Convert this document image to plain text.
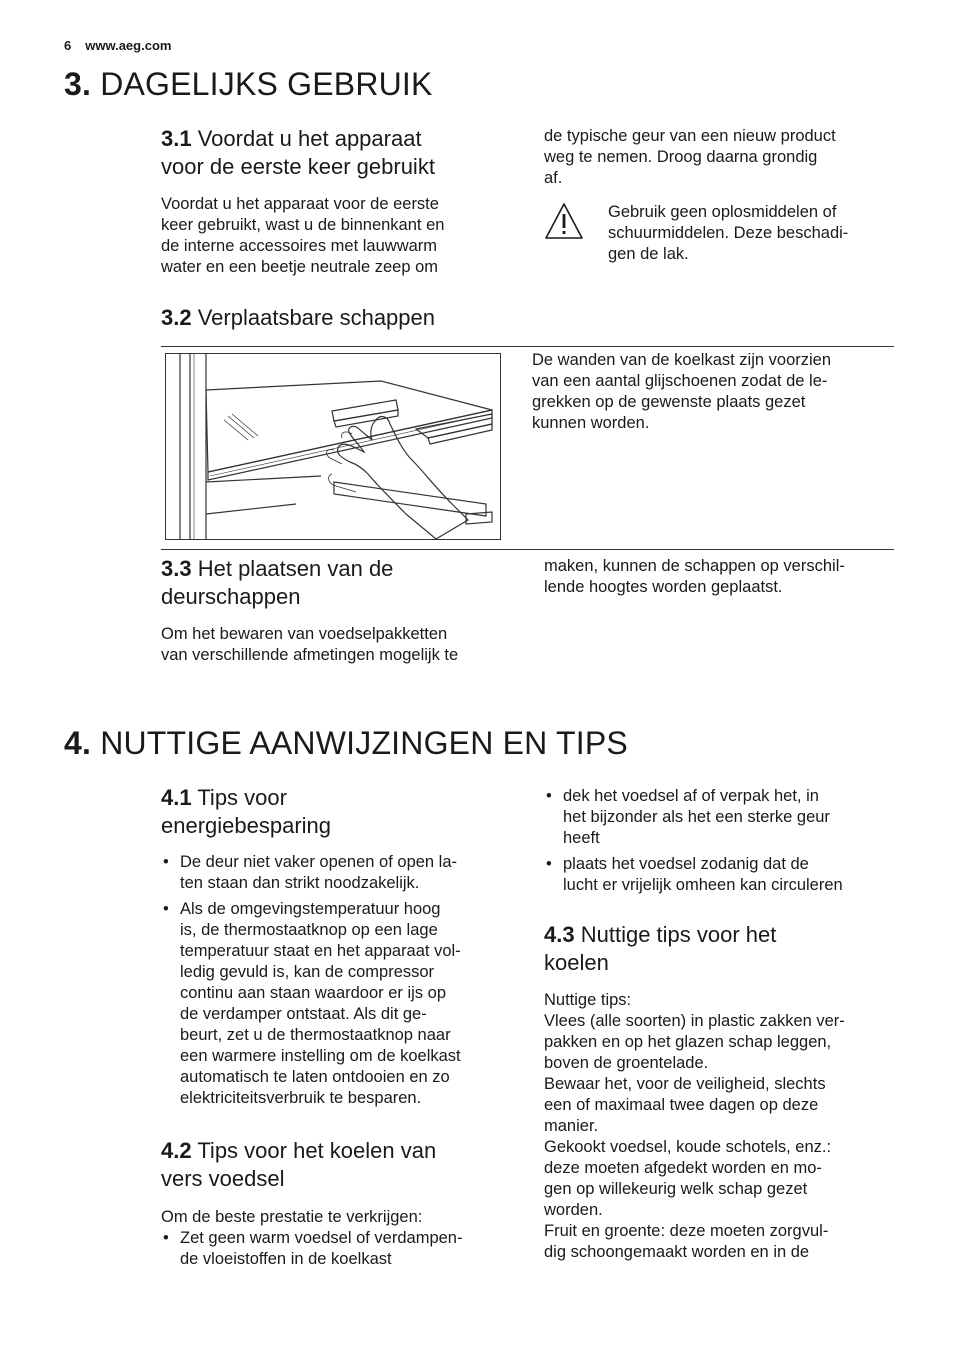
6 www.aeg.com
3. DAGELIJKS GEBRUIK
3.1 Voordat u het apparaat
voor de eerste keer gebruikt

Voordat u het apparaat voor de eerste

keer gebruikt, wast u de binnenkant en

de interne accessoires met lauwwarm

water en een beetje neutrale zeep om

de typische geur van een nieuw product

weg te nemen. Droog daarna grondig

af.

Gebruik geen oplosmiddelen of

schuurmiddelen. Deze beschadi-

gen de lak.

3.2 Verplaatsbare schappen

De wanden van de koelkast zijn voorzien

van een aantal glijschoenen zodat de le-

grekken op de gewenste plaats gezet

kunnen worden.

3.3 Het plaatsen van de
deurschappen

Om het bewaren van voedselpakketten

van verschillende afmetingen mogelijk te

maken, kunnen de schappen op verschil-

lende hoogtes worden geplaatst.

4. NUTTIGE AANWIJZINGEN EN TIPS
4.1 Tips voor
energiebesparing
• De deur niet vaker openen of open la-
ten staan dan strikt noodzakelijk.
• Als de omgevingstemperatuur hoog
is, de thermostaatknop op een lage
temperatuur staat en het apparaat vol-
ledig gevuld is, kan de compressor
continu aan staan waardoor er ijs op
de verdamper ontstaat. Als dit ge-
beurt, zet u de thermostaatknop naar
een warmere instelling om de koelkast
automatisch te laten ontdooien en zo
elektriciteitsverbruik te besparen.
4.2 Tips voor het koelen van
vers voedsel

Om de beste prestatie te verkrijgen:

• Zet geen warm voedsel of verdampen-
de vloeistoffen in de koelkast
• dek het voedsel af of verpak het, in
het bijzonder als het een sterke geur
heeft
• plaats het voedsel zodanig dat de
lucht er vrijelijk omheen kan circuleren
4.3 Nuttige tips voor het
koelen

Nuttige tips:

Vlees (alle soorten) in plastic zakken ver-

pakken en op het glazen schap leggen,

boven de groentelade.

Bewaar het, voor de veiligheid, slechts

een of maximaal twee dagen op deze

manier.

Gekookt voedsel, koude schotels, enz.:

deze moeten afgedekt worden en mo-

gen op willekeurig welk schap gezet

worden.

Fruit en groente: deze moeten zorgvul-

dig schoongemaakt worden en in de
